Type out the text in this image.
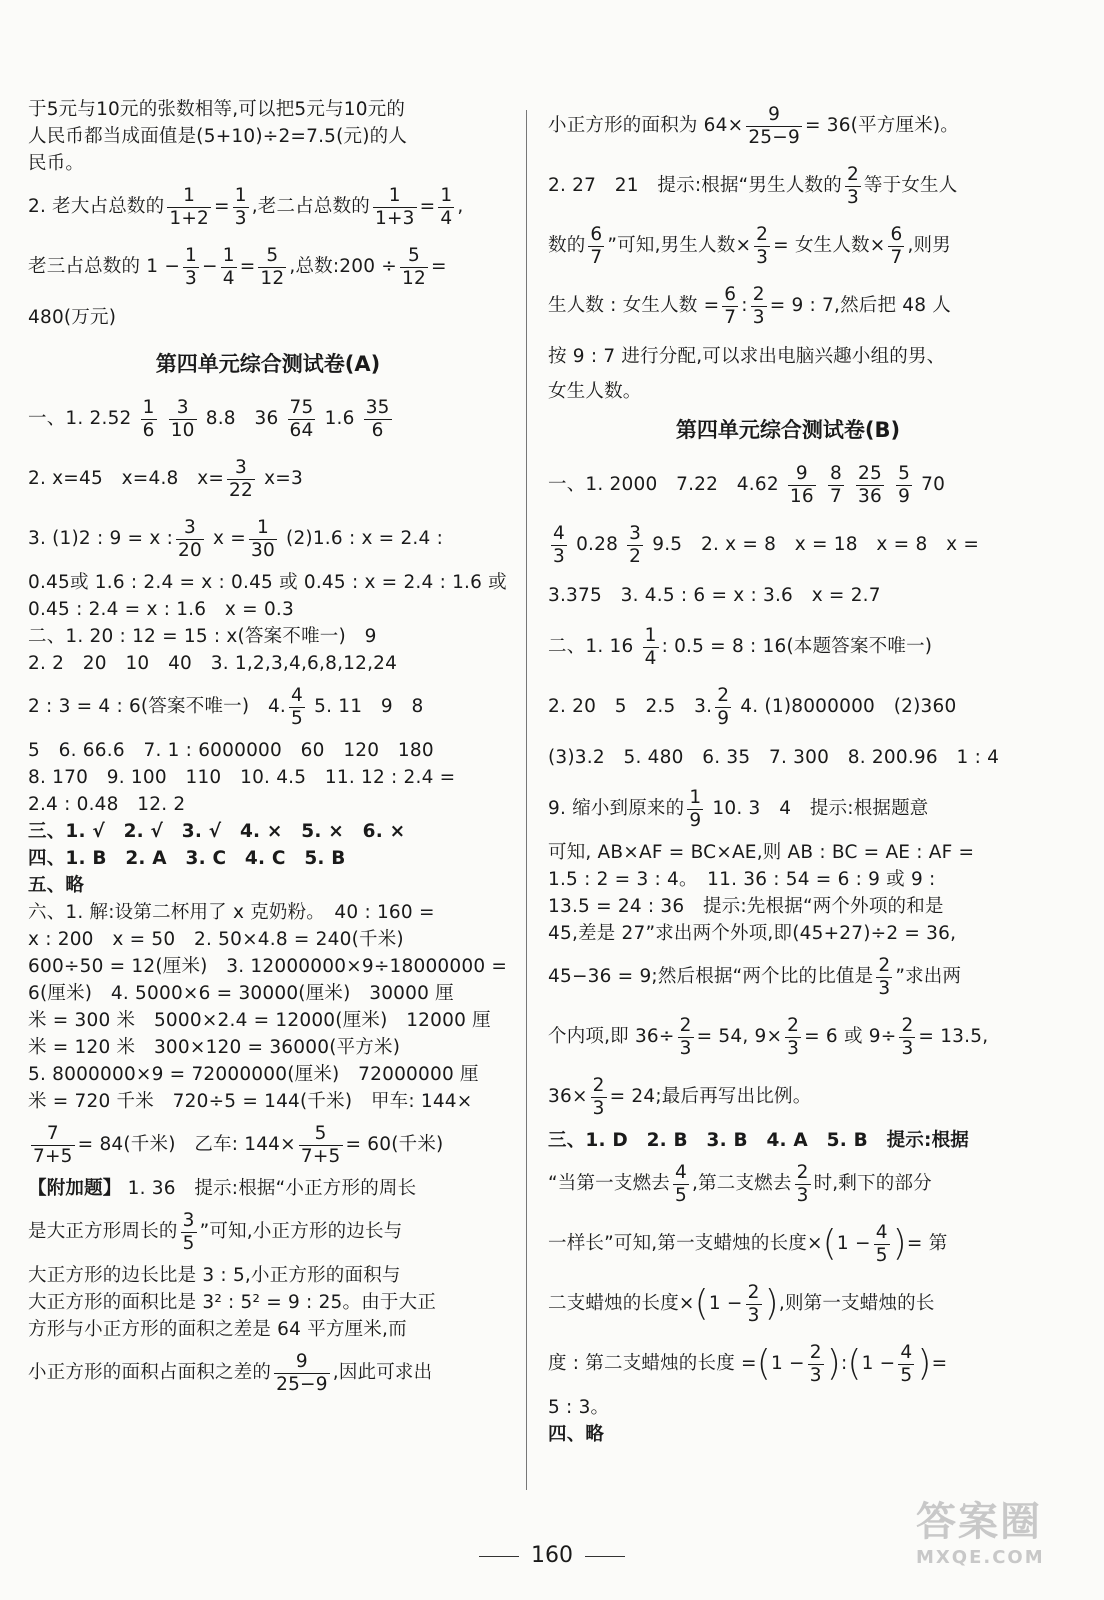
于5元与10元的张数相等,可以把5元与10元的
人民币都当成面值是(5+10)÷2=7.5(元)的人
民币。
2. 老大占总数的 $\frac{1}{1+2} = \frac{1}{3}$ ,老二占总数的 $\frac{1}{1+3} = \frac{1}{4}$ ,
老三占总数的 $1 - \frac{1}{3} - \frac{1}{4} = \frac{5}{12}$ ,总数:200 ÷ $\frac{5}{12}$ =
480(万元)
第四单元综合测试卷(A)
一、1. $2.52 \frac{1}{6}$
$\frac{3}{10} 8.8$　$36 \frac{75}{64} 1.6 \frac{35}{6}$
2. x=45　x=4.8　$x= \frac{3}{22} x=3$
3. (1)2 : 9 = x : $\frac{3}{20}$ $x = \frac{1}{30} (2)1.6$ : x = 2.4 :
0.45或 1.6 : 2.4 = x : 0.45 或 0.45 : x = 2.4 : 1.6 或
0.45 : 2.4 = x : 1.6　x = 0.3
二、1. 20 : 12 = 15 : x(答案不唯一)　9
2. 2　20　10　40　3. 1,2,3,4,6,8,12,24
2 : 3 = 4 : 6(答案不唯一)　4. $\frac{4}{5} 5$. 11　9　8
5　6. 66.6　7. 1 : 6000000　60　120　180
8. 170　9. 100　110　10. 4.5　11. 12 : 2.4 =
2.4 : 0.48　12. 2
三、1. √　2. √　3. √　4. ×　5. ×　6. ×
四、1. B　2. A　3. C　4. C　5. B
五、略
六、1. 解:设第二杯用了 x 克奶粉。　40 : 160 =
x : 200　x = 50　2. 50×4.8 = 240(千米)
600÷50 = 12(厘米)　3. 12000000×9÷18000000 =
6(厘米)　4. 5000×6 = 30000(厘米)　30000 厘
米 = 300 米　5000×2.4 = 12000(厘米)　12000 厘
米 = 120 米　300×120 = 36000(平方米)
5. 8000000×9 = 72000000(厘米)　72000000 厘
米 = 720 千米　720÷5 = 144(千米)　甲车: 144×
$\frac{7}{7+5} = 84$(千米)　乙车: $144\times \frac{5}{7+5} = 60$(千米)
【附加题】 1. 36　提示:根据“小正方形的周长
是大正方形周长的 $\frac{3}{5}$ ”可知,小正方形的边长与
大正方形的边长比是 3 : 5,小正方形的面积与
大正方形的面积比是 3² : 5² = 9 : 25。由于大正
方形与小正方形的面积之差是 64 平方厘米,而
小正方形的面积占面积之差的 $\frac{9}{25-9}$ ,因此可求出
小正方形的面积为 $64\times \frac{9}{25-9} = 36$(平方厘米)。
2. 27　21　提示:根据“男生人数的 $\frac{2}{3}$ 等于女生人
数的 $\frac{6}{7}$ ”可知,男生人数× $\frac{2}{3}$ = 女生人数× $\frac{6}{7}$ ,则男
生人数 : 女生人数 = $\frac{6}{7}$ : $\frac{2}{3} = 9$ : 7,然后把 48 人
按 9 : 7 进行分配,可以求出电脑兴趣小组的男、
女生人数。
第四单元综合测试卷(B)
一、1. 2000　7.22　$4.62 \frac{9}{16}$
$\frac{8}{7}$
$\frac{25}{36}$
$\frac{5}{9} 70$
$\frac{4}{3} 0.28 \frac{3}{2} 9.5$　2. x = 8　x = 18　x = 8　x =
3.375　3. 4.5 : 6 = x : 3.6　x = 2.7
二、1. $16 \frac{1}{4}$ : 0.5 = 8 : 16(本题答案不唯一)
2. 20　5　2.5　3. $\frac{2}{9} 4$. (1)8000000　(2)360
(3)3.2　5. 480　6. 35　7. 300　8. 200.96　1 : 4
9. 缩小到原来的 $\frac{1}{9} 10$. 3　4　提示:根据题意
可知, AB×AF = BC×AE,则 AB : BC = AE : AF =
1.5 : 2 = 3 : 4。　11. 36 : 54 = 6 : 9 或 9 :
13.5 = 24 : 36　提示:先根据“两个外项的和是
45,差是 27”求出两个外项,即(45+27)÷2 = 36,
45−36 = 9;然后根据“两个比的比值是 $\frac{2}{3}$ ”求出两
个内项,即 $36\div \frac{2}{3} = 54$, $9\times \frac{2}{3} = 6$ 或 $9\div \frac{2}{3} = 13.5$,
$36\times \frac{2}{3} = 24$;最后再写出比例。
三、1. D　2. B　3. B　4. A　5. B　提示:根据
“当第一支燃去 $\frac{4}{5}$ ,第二支燃去 $\frac{2}{3}$ 时,剩下的部分
一样长”可知,第一支蜡烛的长度$\times(1 - \frac{4}{5}$ )= 第
二支蜡烛的长度$\times(1 - \frac{2}{3}$ ),则第一支蜡烛的长
度 : 第二支蜡烛的长度 $=(1 - \frac{2}{3}$ ):(1 − $\frac{4}{5}$ )=
5 : 3。
四、略
160
答案圈
MXQE.COM
